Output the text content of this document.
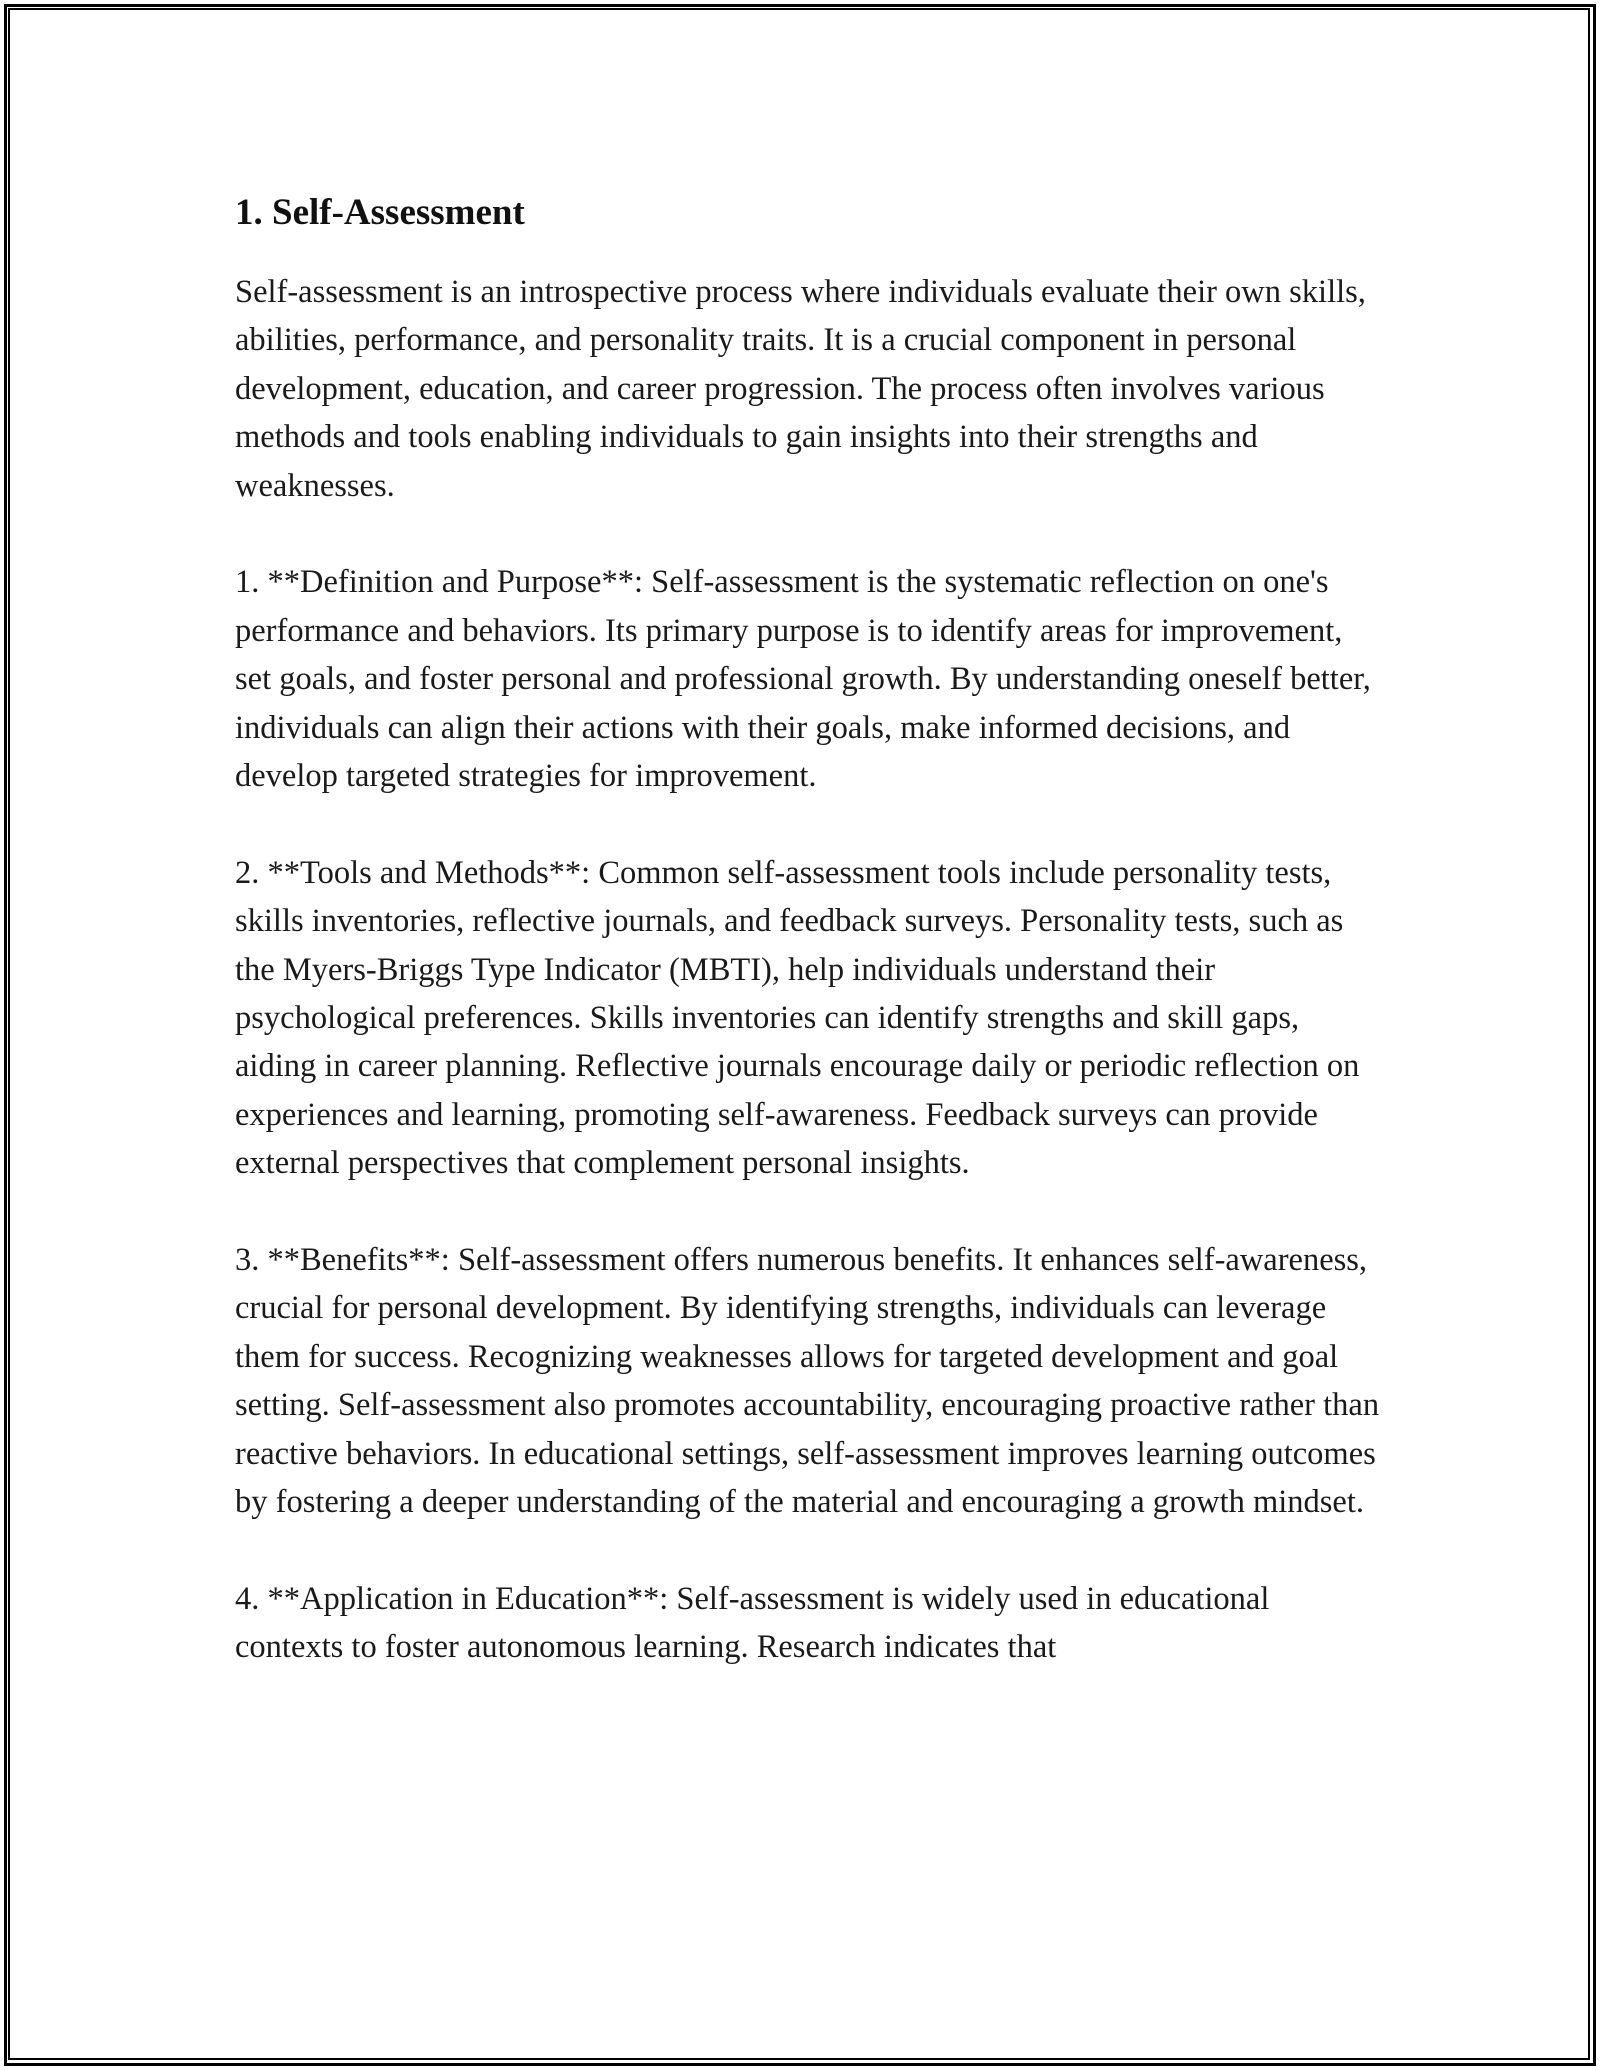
1. Self-Assessment

Self-assessment is an introspective process where individuals evaluate their own skills, abilities, performance, and personality traits. It is a crucial component in personal development, education, and career progression. The process often involves various methods and tools enabling individuals to gain insights into their strengths and weaknesses.

1. **Definition and Purpose**: Self-assessment is the systematic reflection on one's performance and behaviors. Its primary purpose is to identify areas for improvement, set goals, and foster personal and professional growth. By understanding oneself better, individuals can align their actions with their goals, make informed decisions, and develop targeted strategies for improvement.

2. **Tools and Methods**: Common self-assessment tools include personality tests, skills inventories, reflective journals, and feedback surveys. Personality tests, such as the Myers-Briggs Type Indicator (MBTI), help individuals understand their psychological preferences. Skills inventories can identify strengths and skill gaps, aiding in career planning. Reflective journals encourage daily or periodic reflection on experiences and learning, promoting self-awareness. Feedback surveys can provide external perspectives that complement personal insights.

3. **Benefits**: Self-assessment offers numerous benefits. It enhances self-awareness, crucial for personal development. By identifying strengths, individuals can leverage them for success. Recognizing weaknesses allows for targeted development and goal setting. Self-assessment also promotes accountability, encouraging proactive rather than reactive behaviors. In educational settings, self-assessment improves learning outcomes by fostering a deeper understanding of the material and encouraging a growth mindset.

4. **Application in Education**: Self-assessment is widely used in educational contexts to foster autonomous learning. Research indicates that
